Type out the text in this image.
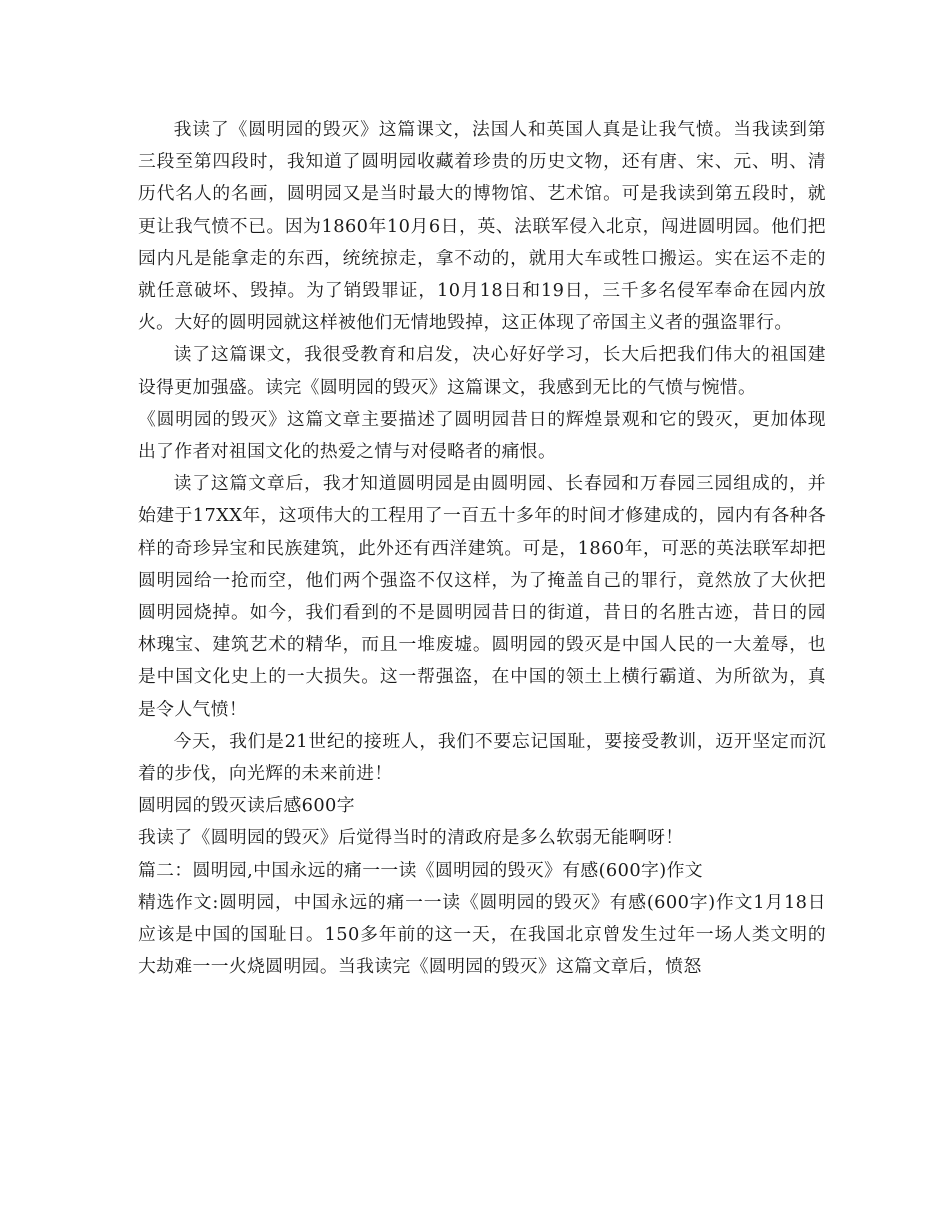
我读了《圆明园的毁灭》这篇课文，法国人和英国人真是让我气愤。当我读到第三段至第四段时，我知道了圆明园收藏着珍贵的历史文物，还有唐、宋、元、明、清历代名人的名画，圆明园又是当时最大的博物馆、艺术馆。可是我读到第五段时，就更让我气愤不已。因为1860年10月6日，英、法联军侵入北京，闯进圆明园。他们把园内凡是能拿走的东西，统统掠走，拿不动的，就用大车或牲口搬运。实在运不走的就任意破坏、毁掉。为了销毁罪证，10月18日和19日，三千多名侵军奉命在园内放火。大好的圆明园就这样被他们无情地毁掉，这正体现了帝国主义者的强盗罪行。

读了这篇课文，我很受教育和启发，决心好好学习，长大后把我们伟大的祖国建设得更加强盛。读完《圆明园的毁灭》这篇课文，我感到无比的气愤与惋惜。

《圆明园的毁灭》这篇文章主要描述了圆明园昔日的辉煌景观和它的毁灭，更加体现出了作者对祖国文化的热爱之情与对侵略者的痛恨。

读了这篇文章后，我才知道圆明园是由圆明园、长春园和万春园三园组成的，并始建于17XX年，这项伟大的工程用了一百五十多年的时间才修建成的，园内有各种各样的奇珍异宝和民族建筑，此外还有西洋建筑。可是，1860年，可恶的英法联军却把圆明园给一抢而空，他们两个强盗不仅这样，为了掩盖自己的罪行，竟然放了大伙把圆明园烧掉。如今，我们看到的不是圆明园昔日的街道，昔日的名胜古迹，昔日的园林瑰宝、建筑艺术的精华，而且一堆废墟。圆明园的毁灭是中国人民的一大羞辱，也是中国文化史上的一大损失。这一帮强盗，在中国的领土上横行霸道、为所欲为，真是令人气愤！

今天，我们是21世纪的接班人，我们不要忘记国耻，要接受教训，迈开坚定而沉着的步伐，向光辉的未来前进！

圆明园的毁灭读后感600字

我读了《圆明园的毁灭》后觉得当时的清政府是多么软弱无能啊呀！

篇二：圆明园,中国永远的痛一一读《圆明园的毁灭》有感(600字)作文

精选作文:圆明园，中国永远的痛一一读《圆明园的毁灭》有感(600字)作文1月18日应该是中国的国耻日。150多年前的这一天，在我国北京曾发生过年一场人类文明的大劫难一一火烧圆明园。当我读完《圆明园的毁灭》这篇文章后，愤怒
